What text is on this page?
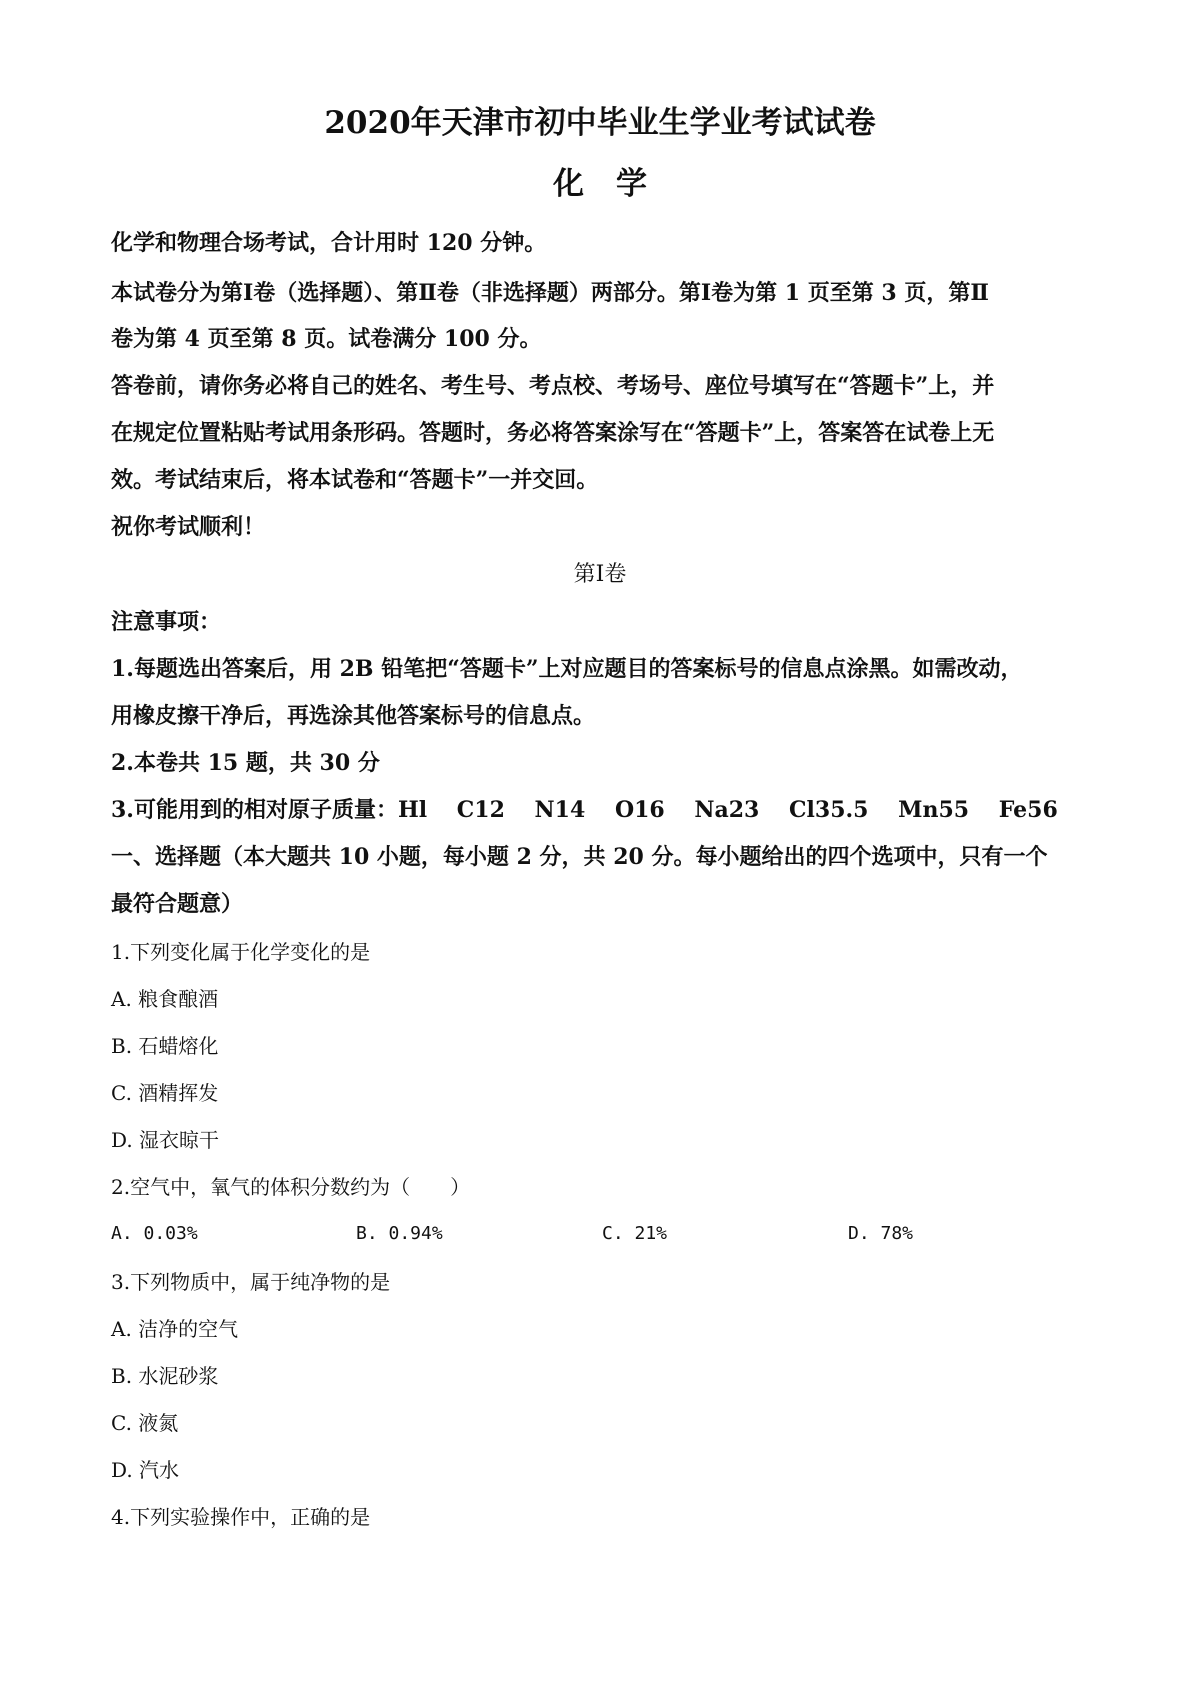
2020年天津市初中毕业生学业考试试卷
化学
化学和物理合场考试，合计用时 120 分钟。
本试卷分为第Ⅰ卷（选择题）、第Ⅱ卷（非选择题）两部分。第Ⅰ卷为第 1 页至第 3 页，第Ⅱ
卷为第 4 页至第 8 页。试卷满分 100 分。
答卷前，请你务必将自己的姓名、考生号、考点校、考场号、座位号填写在“答题卡”上，并
在规定位置粘贴考试用条形码。答题时，务必将答案涂写在“答题卡”上，答案答在试卷上无
效。考试结束后，将本试卷和“答题卡”一并交回。
祝你考试顺利！
第Ⅰ卷
注意事项：
1.每题选出答案后，用 2B 铅笔把“答题卡”上对应题目的答案标号的信息点涂黑。如需改动，
用橡皮擦干净后，再选涂其他答案标号的信息点。
2.本卷共 15 题，共 30 分
3.可能用到的相对原子质量：Hl　 C12　 N14　 O16　 Na23　 Cl35.5　 Mn55　 Fe56
一、选择题（本大题共 10 小题，每小题 2 分，共 20 分。每小题给出的四个选项中，只有一个
最符合题意）
1.下列变化属于化学变化的是
A. 粮食酿酒
B. 石蜡熔化
C. 酒精挥发
D. 湿衣晾干
2.空气中，氧气的体积分数约为（　　）
A. 0.03%	B. 0.94%	C. 21%	D. 78%
3.下列物质中，属于纯净物的是
A. 洁净的空气
B. 水泥砂浆
C. 液氮
D. 汽水
4.下列实验操作中，正确的是
